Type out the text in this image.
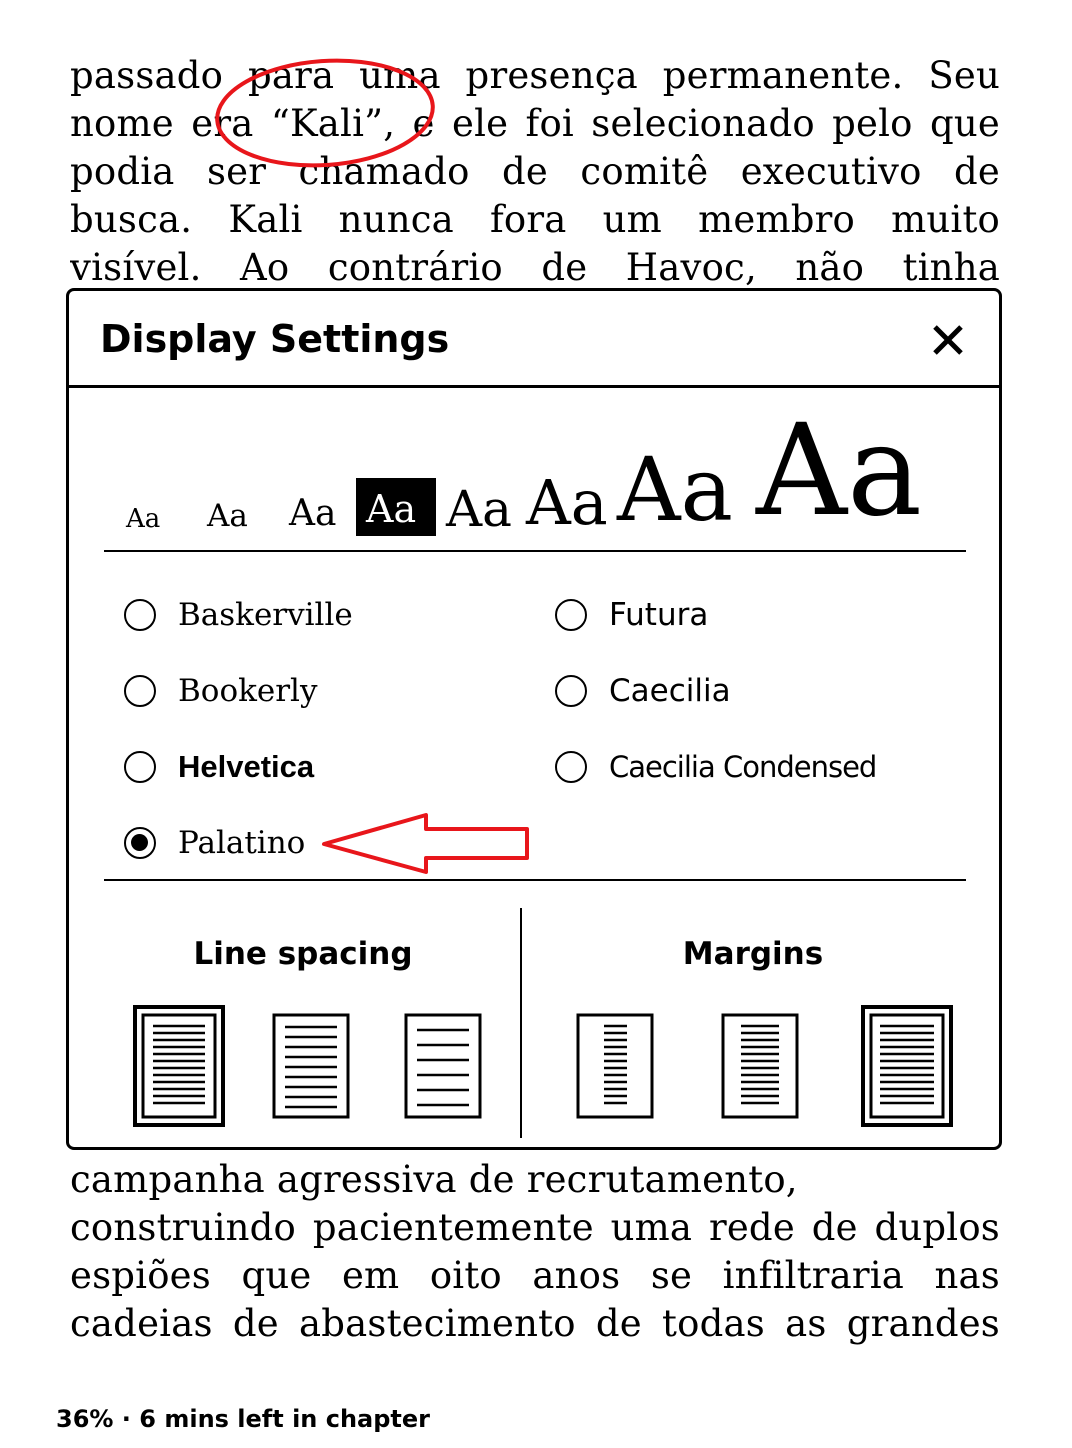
passado para uma presença permanente. Seu
nome era “Kali”, e ele foi selecionado pelo que
podia ser chamado de comitê executivo de
busca. Kali nunca fora um membro muito
visível. Ao contrário de Havoc, não tinha
Display Settings
Aa Aa Aa Aa Aa Aa Aa Aa
Baskerville	Futura
Bookerly	Caecilia
Helvetica	Caecilia Condensed
Palatino
Line spacing	Margins
campanha agressiva de recrutamento,
construindo pacientemente uma rede de duplos
espiões que em oito anos se infiltraria nas
cadeias de abastecimento de todas as grandes
36% · 6 mins left in chapter
